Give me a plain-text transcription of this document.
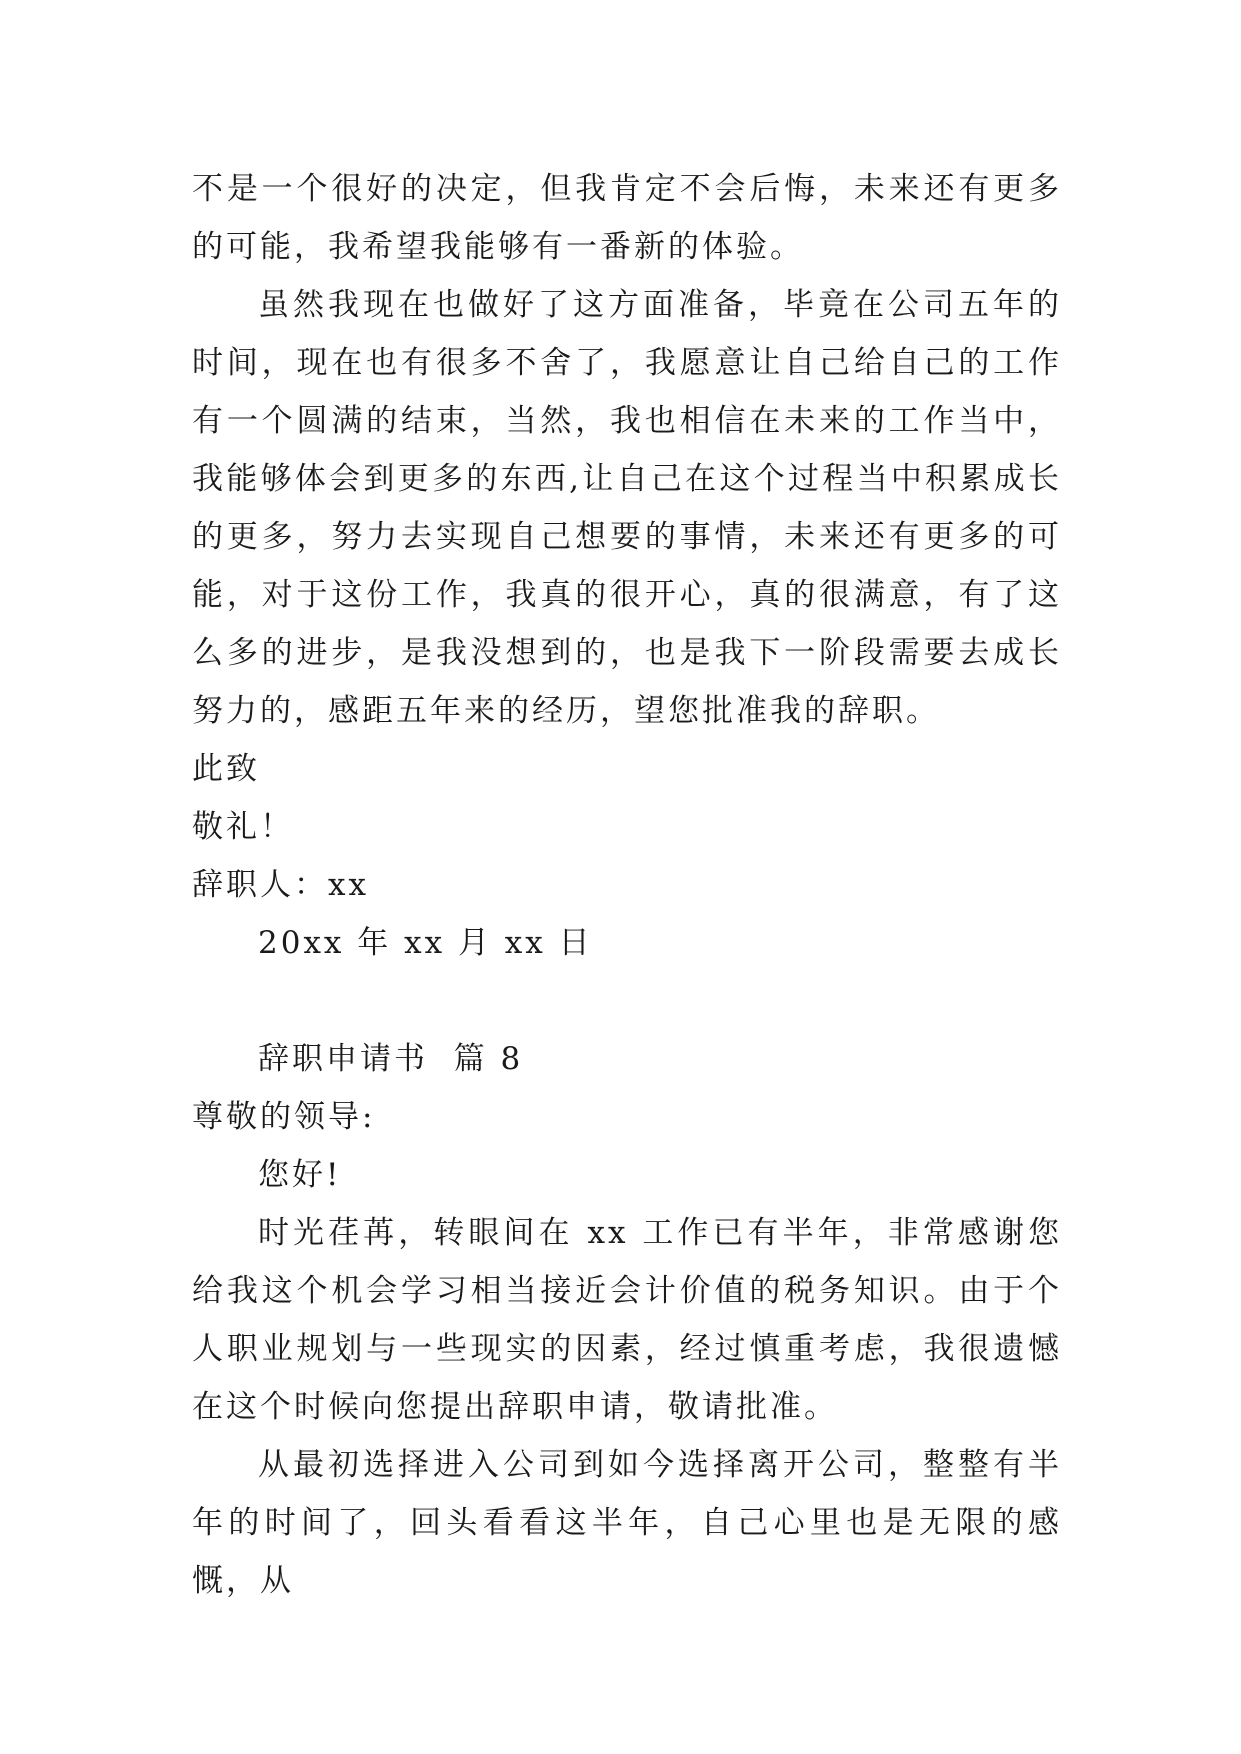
不是一个很好的决定，但我肯定不会后悔，未来还有更多的可能，我希望我能够有一番新的体验。

虽然我现在也做好了这方面准备，毕竟在公司五年的时间，现在也有很多不舍了，我愿意让自己给自己的工作有一个圆满的结束，当然，我也相信在未来的工作当中，我能够体会到更多的东西,让自己在这个过程当中积累成长的更多，努力去实现自己想要的事情，未来还有更多的可能，对于这份工作，我真的很开心，真的很满意，有了这么多的进步，是我没想到的，也是我下一阶段需要去成长努力的，感距五年来的经历，望您批准我的辞职。

此致

敬礼！

辞职人：xx

20xx 年 xx 月 xx 日

辞职申请书  篇 8

尊敬的领导:

您好!

时光荏苒，转眼间在 xx 工作已有半年，非常感谢您给我这个机会学习相当接近会计价值的税务知识。由于个人职业规划与一些现实的因素，经过慎重考虑，我很遗憾在这个时候向您提出辞职申请，敬请批准。

从最初选择进入公司到如今选择离开公司，整整有半年的时间了，回头看看这半年，自己心里也是无限的感慨，从
